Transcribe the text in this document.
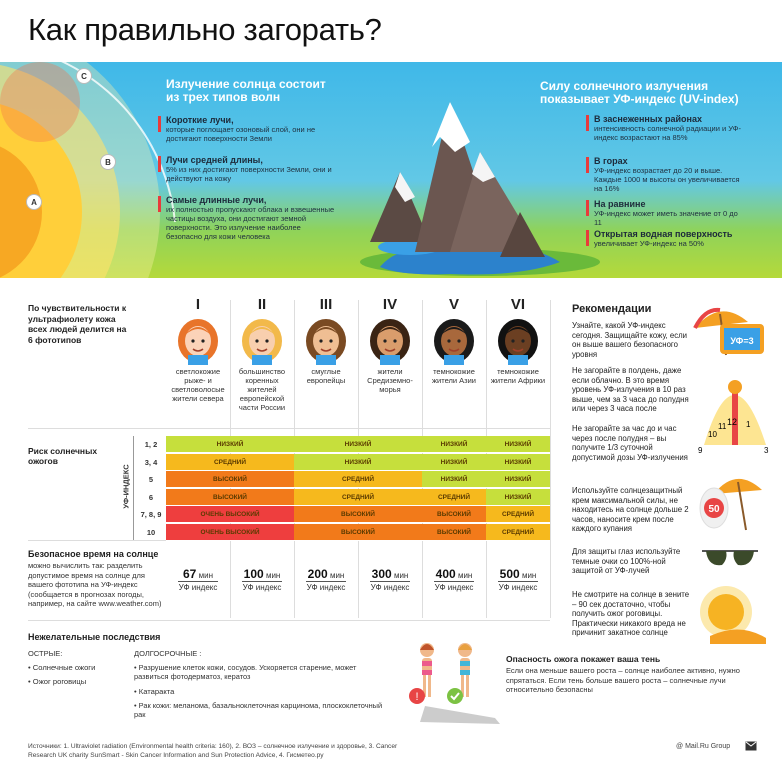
Как правильно загорать?
C
B
A
Излучение солнца состоит из трех типов волн
Короткие лучи,
которые поглощает озоновый слой, они не достигают поверхности Земли
Лучи средней длины,
5% из них достигают поверхности Земли, они и действуют на кожу
Самые длинные лучи,
их полностью пропускают облака и взвешенные частицы воздуха, они достигают земной поверхности. Это излучение наиболее безопасно для кожи человека
Силу солнечного излучения показывает УФ-индекс (UV-index)
В заснеженных районах
интенсивность солнечной радиации и УФ-индекс возрастают на 85%
В горах
УФ-индекс возрастает до 20 и выше. Каждые 1000 м высоты он увеличивается на 16%
На равнине
УФ-индекс может иметь значение от 0 до 11
Открытая водная поверхность
увеличивает УФ-индекс на 50%
По чувствительности к ультрафиолету кожа всех людей делится на 6 фототипов
I
светлокожие рыже- и светловолосые жители севера
II
большинство коренных жителей европейской части России
III
смуглые европейцы
IV
жители Средиземно-морья
V
темнокожие жители Азии
VI
темнокожие жители Африки
Риск солнечных ожогов
УФ-ИНДЕКС
1, 2	НИЗКИЙ	НИЗКИЙ	НИЗКИЙ	НИЗКИЙ
3, 4	СРЕДНИЙ	НИЗКИЙ	НИЗКИЙ	НИЗКИЙ
5	ВЫСОКИЙ	СРЕДНИЙ	НИЗКИЙ	НИЗКИЙ
6	ВЫСОКИЙ	СРЕДНИЙ	СРЕДНИЙ	НИЗКИЙ
7, 8, 9	ОЧЕНЬ ВЫСОКИЙ	ВЫСОКИЙ	ВЫСОКИЙ	СРЕДНИЙ
10	ОЧЕНЬ ВЫСОКИЙ	ВЫСОКИЙ	ВЫСОКИЙ	СРЕДНИЙ
Безопасное время на солнце
можно вычислить так: разделить допустимое время на солнце для вашего фототипа на УФ-индекс (сообщается в прогнозах погоды, например, на сайте www.weather.com)
67 мин
УФ индекс
100 мин
УФ индекс
200 мин
УФ индекс
300 мин
УФ индекс
400 мин
УФ индекс
500 мин
УФ индекс
Нежелательные последствия
ОСТРЫЕ:
• Солнечные ожоги
• Ожог роговицы
ДОЛГОСРОЧНЫЕ :
• Разрушение клеток кожи, сосудов. Ускоряется старение, может развиться фотодерматоз, кератоз
• Катаракта
• Рак кожи: меланома, базальноклеточная карцинома, плоскоклеточный рак
!
Опасность ожога покажет ваша тень
Если она меньше вашего роста – солнце наиболее активно, нужно спрятаться. Если тень больше вашего роста – солнечные лучи относительно безопасны
Рекомендации
Узнайте, какой УФ-индекс сегодня. Защищайте кожу, если он выше вашего безопасного уровня
Не загорайте в полдень, даже если облачно. В это время уровень УФ-излучения в 10 раз выше, чем за 3 часа до полудня или через 3 часа после
Не загорайте за час до и час через после полудня – вы получите 1/3 суточной допустимой дозы УФ-излучения
Используйте солнцезащитный крем максимальной силы, не находитесь на солнце дольше 2 часов, наносите крем после каждого купания
Для защиты глаз используйте темные очки со 100%-ной защитой от УФ-лучей
Не смотрите на солнце в зените – 90 сек достаточно, чтобы получить ожог роговицы. Практически никакого вреда не причинит закатное солнце
УФ=3
12 1
11
10
9	3
50
Источники: 1. Ultraviolet radiation (Environmental health criteria: 160), 2. ВОЗ – солнечное излучение и здоровье, 3. Cancer Research UK charity SunSmart - Skin Cancer Information and Sun Protection Advice, 4. Гисметео.ру
@ Mail.Ru Group
